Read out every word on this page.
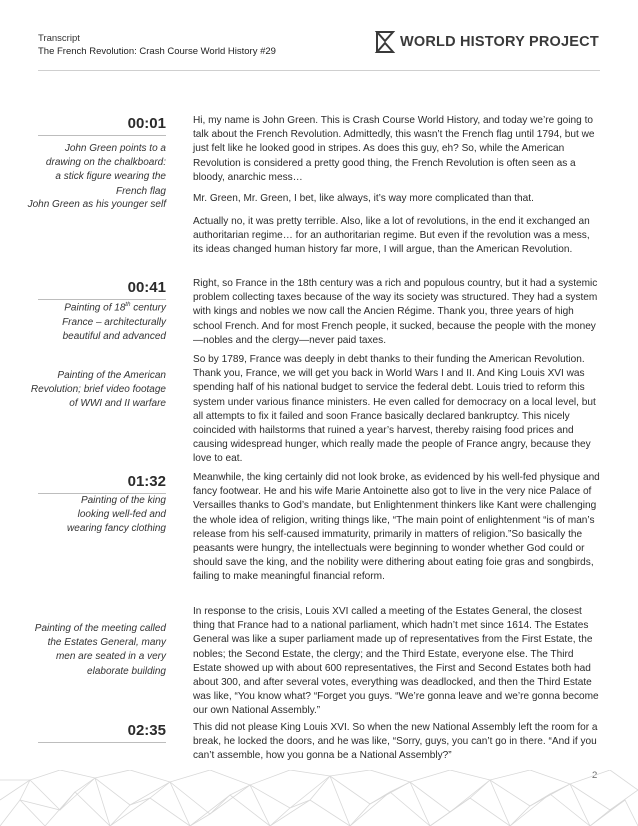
Transcript
The French Revolution: Crash Course World History #29
WORLD HISTORY PROJECT
00:01
John Green points to a drawing on the chalkboard: a stick figure wearing the French flag
John Green as his younger self
00:41
Painting of 18th century France – architecturally beautiful and advanced
Painting of the American Revolution; brief video footage of WWI and II warfare
01:32
Painting of the king looking well-fed and wearing fancy clothing
Painting of the meeting called the Estates General, many men are seated in a very elaborate building
02:35

Hi, my name is John Green. This is Crash Course World History, and today we’re going to talk about the French Revolution. Admittedly, this wasn’t the French flag until 1794, but we just felt like he looked good in stripes. As does this guy, eh? So, while the American Revolution is considered a pretty good thing, the French Revolution is often seen as a bloody, anarchic mess…

Mr. Green, Mr. Green, I bet, like always, it’s way more complicated than that.

Actually no, it was pretty terrible. Also, like a lot of revolutions, in the end it exchanged an authoritarian regime… for an authoritarian regime. But even if the revolution was a mess, its ideas changed human history far more, I will argue, than the American Revolution.

Right, so France in the 18th century was a rich and populous country, but it had a systemic problem collecting taxes because of the way its society was structured. They had a system with kings and nobles we now call the Ancien Régime. Thank you, three years of high school French. And for most French people, it sucked, because the people with the money—nobles and the clergy—never paid taxes.

So by 1789, France was deeply in debt thanks to their funding the American Revolution. Thank you, France, we will get you back in World Wars I and II. And King Louis XVI was spending half of his national budget to service the federal debt. Louis tried to reform this system under various finance ministers. He even called for democracy on a local level, but all attempts to fix it failed and soon France basically declared bankruptcy. This nicely coincided with hailstorms that ruined a year’s harvest, thereby raising food prices and causing widespread hunger, which really made the people of France angry, because they love to eat.

Meanwhile, the king certainly did not look broke, as evidenced by his well-fed physique and fancy footwear. He and his wife Marie Antoinette also got to live in the very nice Palace of Versailles thanks to God’s mandate, but Enlightenment thinkers like Kant were challenging the whole idea of religion, writing things like, “The main point of enlightenment “is of man’s release from his self-caused immaturity, primarily in matters of religion.”So basically the peasants were hungry, the intellectuals were beginning to wonder whether God could or should save the king, and the nobility were dithering about eating foie gras and songbirds, failing to make meaningful financial reform.

In response to the crisis, Louis XVI called a meeting of the Estates General, the closest thing that France had to a national parliament, which hadn’t met since 1614. The Estates General was like a super parliament made up of representatives from the First Estate, the nobles; the Second Estate, the clergy; and the Third Estate, everyone else. The Third Estate showed up with about 600 representatives, the First and Second Estates both had about 300, and after several votes, everything was deadlocked, and then the Third Estate was like, “You know what? “Forget you guys. “We’re gonna leave and we’re gonna become our own National Assembly.”

This did not please King Louis XVI. So when the new National Assembly left the room for a break, he locked the doors, and he was like, “Sorry, guys, you can’t go in there. “And if you can’t assemble, how you gonna be a National Assembly?”

2
